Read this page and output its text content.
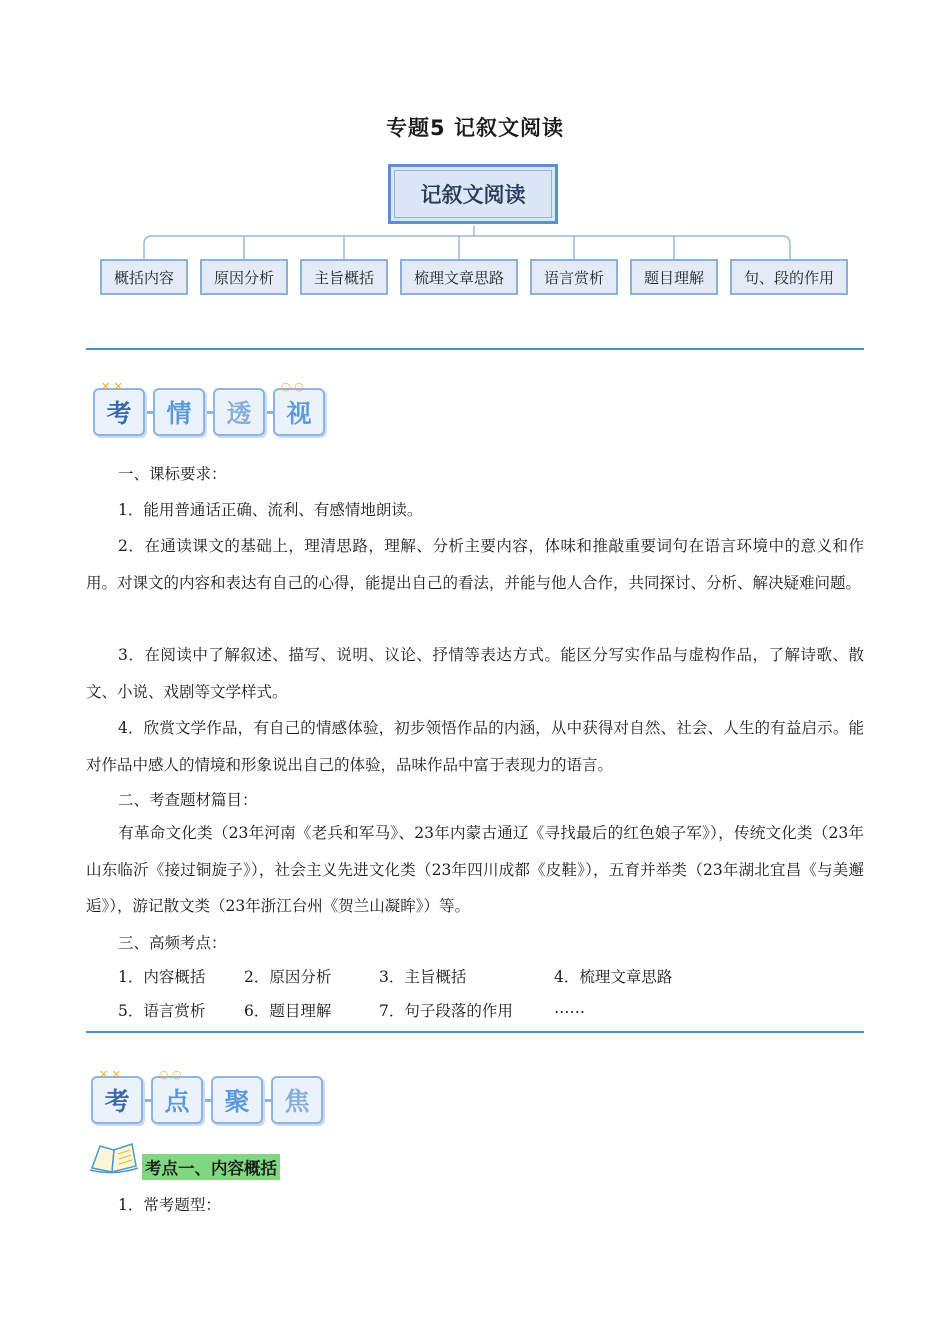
专题5 记叙文阅读
记叙文阅读
概括内容	原因分析	主旨概括	梳理文章思路	语言赏析	题目理解	句、段的作用
✕ ✕
考 情 透
○ ○
视
一、课标要求：
1．能用普通话正确、流利、有感情地朗读。
2．在通读课文的基础上，理清思路，理解、分析主要内容，体味和推敲重要词句在语言环境中的意义和作用。对课文的内容和表达有自己的心得，能提出自己的看法，并能与他人合作，共同探讨、分析、解决疑难问题。
3．在阅读中了解叙述、描写、说明、议论、抒情等表达方式。能区分写实作品与虚构作品，了解诗歌、散文、小说、戏剧等文学样式。
4．欣赏文学作品，有自己的情感体验，初步领悟作品的内涵，从中获得对自然、社会、人生的有益启示。能对作品中感人的情境和形象说出自己的体验，品味作品中富于表现力的语言。
二、考查题材篇目：
有革命文化类（23年河南《老兵和军马》、23年内蒙古通辽《寻找最后的红色娘子军》），传统文化类（23年山东临沂《接过铜旋子》），社会主义先进文化类（23年四川成都《皮鞋》），五育并举类（23年湖北宜昌《与美邂逅》），游记散文类（23年浙江台州《贺兰山凝眸》）等。
三、高频考点：
1．内容概括 2．原因分析	3．主旨概括	4．梳理文章思路
5．语言赏析 6．题目理解	7．句子段落的作用	……
✕ ✕
考
○ ○
点 聚 焦
考点一、内容概括
1．常考题型：
